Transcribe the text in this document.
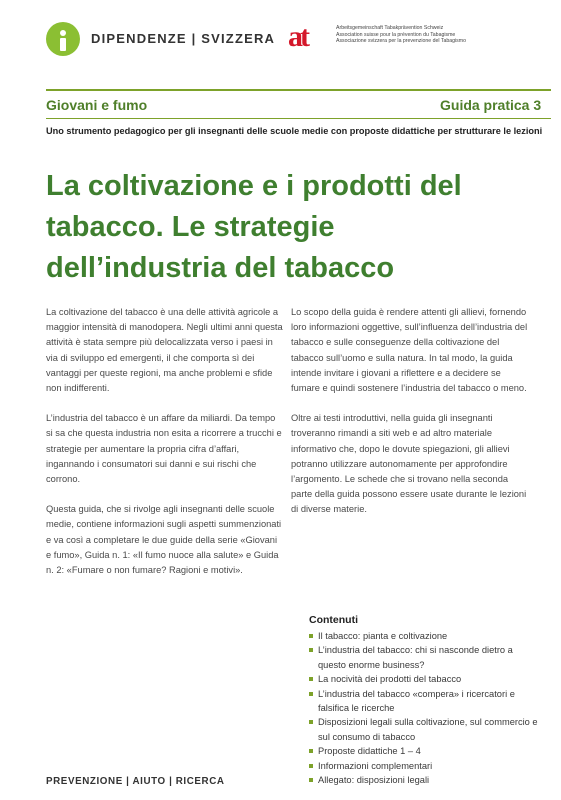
DIPENDENZE | SVIZZERA at	Arbeitsgemeinschaft Tabakprävention Schweiz
Association suisse pour la prévention du Tabagisme
Associazione svizzera per la prevenzione del Tabagismo
Giovani e fumo	Guida pratica 3
Uno strumento pedagogico per gli insegnanti delle scuole medie con proposte didattiche per strutturare le lezioni
La coltivazione e i prodotti del
tabacco. Le strategie
dell’industria del tabacco

La coltivazione del tabacco è una delle attività agricole a maggior intensità di manodopera. Negli ultimi anni questa attività è stata sempre più delocalizzata verso i paesi in via di sviluppo ed emergenti, il che comporta sì dei vantaggi per queste regioni, ma anche problemi e sfide non indifferenti.

L’industria del tabacco è un affare da miliardi. Da tempo si sa che questa industria non esita a ricorrere a trucchi e strategie per aumentare la propria cifra d’affari, ingannando i consumatori sui danni e sui rischi che corrono.

Questa guida, che si rivolge agli insegnanti delle scuole medie, contiene informazioni sugli aspetti summenzionati e va così a completare le due guide della serie «Giovani e fumo», Guida n. 1: «Il fumo nuoce alla salute» e Guida n. 2: «Fumare o non fumare? Ragioni e motivi».

Lo scopo della guida è rendere attenti gli allievi, fornendo loro informazioni oggettive, sull’influenza dell’industria del tabacco e sulle conseguenze della coltivazione del tabacco sull’uomo e sulla natura. In tal modo, la guida intende invitare i giovani a riflettere e a decidere se fumare e quindi sostenere l’industria del tabacco o meno.

Oltre ai testi introduttivi, nella guida gli insegnanti troveranno rimandi a siti web e ad altro materiale informativo che, dopo le dovute spiegazioni, gli allievi potranno utilizzare autonomamente per approfondire l’argomento. Le schede che si trovano nella seconda parte della guida possono essere usate durante le lezioni di diverse materie.

Contenuti
Il tabacco: pianta e coltivazione
L’industria del tabacco: chi si nasconde dietro a questo enorme business?
La nocività dei prodotti del tabacco
L’industria del tabacco «compera» i ricercatori e falsifica le ricerche
Disposizioni legali sulla coltivazione, sul commercio e sul consumo di tabacco
Proposte didattiche 1 – 4
Informazioni complementari
Allegato: disposizioni legali
PREVENZIONE | AIUTO | RICERCA
